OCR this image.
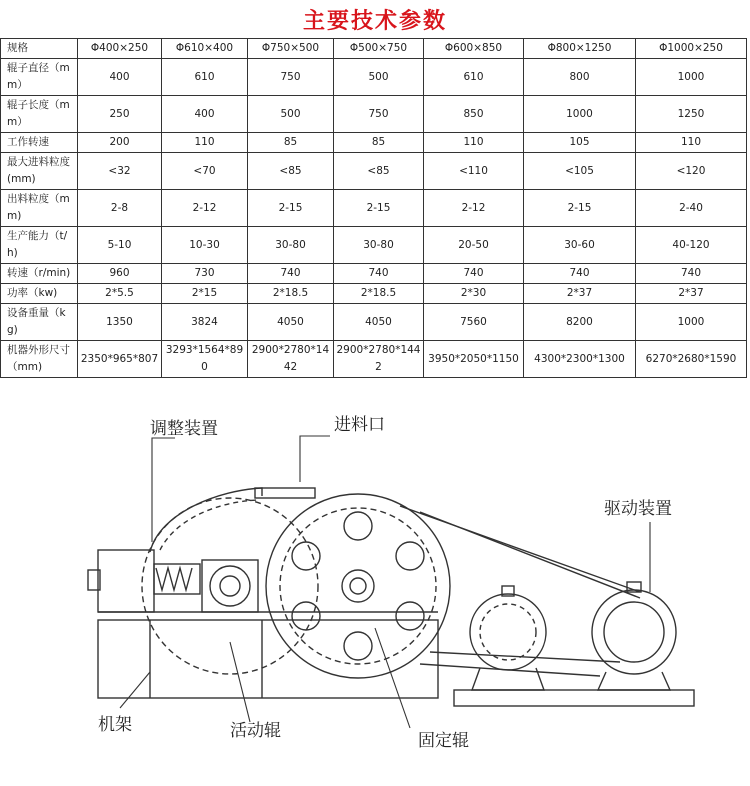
主要技术参数
规格	Φ400×250	Φ610×400	Φ750×500	Φ500×750	Φ600×850	Φ800×1250	Φ1000×250
辊子直径（mm）	400	610	750	500	610	800	1000
辊子长度（mm）	250	400	500	750	850	1000	1250
工作转速	200	110	85	85	110	105	110
最大进料粒度(mm)	<32	<70	<85	<85	<110	<105	<120
出料粒度（mm)	2-8	2-12	2-15	2-15	2-12	2-15	2-40
生产能力（t/h)	5-10	10-30	30-80	30-80	20-50	30-60	40-120
转速（r/min)	960	730	740	740	740	740	740
功率（kw)	2*5.5	2*15	2*18.5	2*18.5	2*30	2*37	2*37
设备重量（kg)	1350	3824	4050	4050	7560	8200	1000
机器外形尺寸（mm)	2350*965*807	3293*1564*890	2900*2780*1442	2900*2780*1442	3950*2050*1150	4300*2300*1300	6270*2680*1590
调整装置	进料口
驱动装置
机架	活动辊	固定辊
